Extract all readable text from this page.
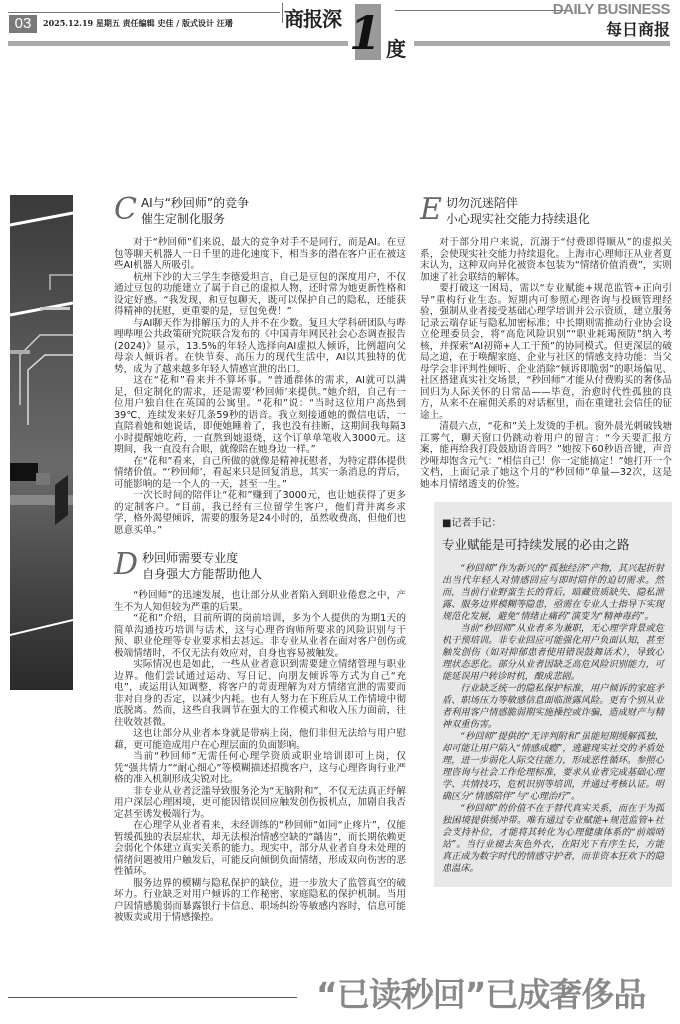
03	2025.12.19 星期五 责任编辑 史佳 / 版式设计 汪璠	商报深 1 度
DAILY BUSINESS
每日商报
C AI与“秒回师”的竞争
催生定制化服务

对于“秒回师”们来说，最大的竞争对手不是同行，而是AI。在豆包等聊天机器人一日千里的进化速度下，相当多的潜在客户正在被这些AI机器人所吸引。

杭州下沙的大三学生李德爱坦言，自己是豆包的深度用户，不仅通过豆包的功能建立了属于自己的虚拟人物，还时常为她更新性格和设定好感。“我发现，和豆包聊天，既可以保护自己的隐私，还能获得精神的抚慰，更重要的是，豆包免费！”

与AI聊天作为排解压力的人并不在少数。复旦大学科研团队与哔哩哔哩公共政策研究院联合发布的《中国青年网民社会心态调查报告(2024)》显示，13.5%的年轻人选择向AI虚拟人倾诉，比例超向父母亲人倾诉者。在快节奏、高压力的现代生活中，AI以其独特的优势，成为了越来越多年轻人情感宣泄的出口。

这在“花和”看来并不算坏事。“普通群体的需求，AI就可以满足，但定制化的需求，还是需要‘秒回师’来提供。”她介绍，自己有一位用户独自住在英国的公寓里。“花和”说：“当时这位用户高热到39℃，连续发来好几条59秒的语音。我立刻接通她的微信电话，一直陪着她和她说话，即便她睡着了，我也没有挂断，这期间我每隔3小时提醒她吃药，一直熬到她退烧，这个订单单笔收入3000元。这期间，我一直没有合眼，就像陪在她身边一样。”

在“花和”看来，自己所做的就像是精神抚慰者，为特定群体提供情绪价值。“‘秒回师’，看起来只是回复消息，其实一条消息的背后，可能影响的是一个人的一天，甚至一生。”

一次长时间的陪伴让“花和”赚到了3000元，也让她获得了更多的定制客户。“目前，我已经有三位留学生客户，他们背井离乡求学，格外渴望倾诉，需要的服务是24小时的，虽然收费高，但他们也愿意买单。”

D 秒回师需要专业度
自身强大方能帮助他人

“秒回师”的迅速发展，也让部分从业者陷入到职业倦怠之中，产生不为人知但较为严重的后果。

“花和”介绍，目前所谓的岗前培训，多为个人提供的为期1天的简单沟通技巧培训与话术，这与心理咨询师所要求的风险识别与干预、职业伦理等专业要求相去甚远。非专业从业者在面对客户创伤或极端情绪时，不仅无法有效应对，自身也容易被触发。

实际情况也是如此，一些从业者意识到需要建立情绪管理与职业边界。他们尝试通过运动、写日记、向朋友倾诉等方式为自己“充电”，或运用认知调整，将客户的苛责理解为对方情绪宣泄的需要而非对自身的否定，以减少内耗。也有人努力在下班后从工作情境中彻底脱离。然而，这些自我调节在强大的工作模式和收入压力面前，往往收效甚微。

这也让部分从业者本身就是带病上岗，他们非但无法给与用户慰藉，更可能造成用户在心理层面的负面影响。

当前“秒回师”无需任何心理学资质或职业培训即可上岗，仅凭“强共情力”“耐心细心”等模糊描述招揽客户，这与心理咨询行业严格的准入机制形成尖锐对比。

非专业从业者泛滥导致服务沦为“无脑附和”，不仅无法真正纾解用户深层心理困境，更可能因错误回应触发创伤扳机点，加剧自我否定甚至诱发极端行为。

在心理学从业者看来，未经训练的“秒回师”如同“止疼片”，仅能暂缓孤独的表层症状，却无法根治情感空缺的“龋齿”，而长期依赖更会弱化个体建立真实关系的能力。现实中，部分从业者自身未处理的情绪问题被用户触发后，可能反向倾倒负面情绪，形成双向伤害的恶性循环。

服务边界的模糊与隐私保护的缺位，进一步放大了监管真空的破坏力。行业缺乏对用户倾诉的工作秘密、家庭隐私的保护机制。当用户因情感脆弱而暴露银行卡信息、职场纠纷等敏感内容时，信息可能被贩卖或用于情感操控。

E 切勿沉迷陪伴
小心现实社交能力持续退化

对于部分用户来说，沉溺于“付费即得顺从”的虚拟关系，会使现实社交能力持续退化。上海市心理师汪从业者夏末认为，这种双向异化被资本包装为“情绪价值消费”，实则加速了社会联结的解体。

要打破这一困局，需以“专业赋能+规范监管+正向引导”重构行业生态。短期内可参照心理咨询与投顾管理经验，强制从业者接受基础心理学培训并公示资质，建立服务记录云端存证与隐私加密标准；中长期则需推动行业协会设立伦理委员会，将“高危风险识别”“职业耗竭预防”纳入考核，并探索“AI初筛+人工干预”的协同模式。但更深层的破局之道，在于唤醒家庭、企业与社区的情感支持功能：当父母学会非评判性倾听、企业消除“倾诉即脆弱”的职场偏见、社区搭建真实社交场景，“秒回师”才能从付费购买的奢侈品回归为人际关怀的日常品——毕竟，治愈时代性孤独的良方，从来不在雇佣关系的对话框里，而在重建社会信任的征途上。

清晨六点，“花和”关上发烫的手机。窗外晨光刺破钱塘江雾气，聊天窗口仍跳动着用户的留言：“今天要汇报方案，能再给我打段鼓励语音吗？”她按下60秒语音键，声音沙哑却饱含元气：“相信自己！你一定能搞定！”她打开一个文档，上面记录了她这个月的“秒回师”单量—32次，这是她本月情绪透支的价签。

■记者手记：
专业赋能是可持续发展的必由之路

“秒回师”作为新兴的“孤独经济”产物，其兴起折射出当代年轻人对情感回应与即时陪伴的迫切需求。然而，当前行业野蛮生长的背后，暗藏资质缺失、隐私泄露、服务边界模糊等隐患，亟需在专业人士指导下实现规范化发展，避免“情绪止痛药”演变为“精神毒药”。

当前“秒回师”从业者多为兼职，无心理学背景或危机干预培训。非专业回应可能强化用户负面认知，甚至触发创伤（如对抑郁患者使用错误鼓舞话术），导致心理状态恶化。部分从业者因缺乏高危风险识别能力，可能延误用户转诊时机，酿成悲剧。

行业缺乏统一的隐私保护标准，用户倾诉的家庭矛盾、职场压力等敏感信息面临泄露风险。更有个别从业者利用客户情感脆弱期实施操控或诈骗，造成财产与精神双重伤害。

“秒回师”提供的“无评判附和”虽能短期缓解孤独，却可能让用户陷入“情感成瘾”，逃避现实社交的矛盾处理，进一步弱化人际交往能力，形成恶性循环。参照心理咨询与社会工作伦理标准，要求从业者完成基础心理学、共情技巧、危机识别等培训，并通过考核认证。明确区分“情感陪伴”与“心理治疗”。

“秒回师”的价值不在于替代真实关系，而在于为孤独困境提供缓冲带。唯有通过专业赋能+规范监管+社会支持补位，才能将其转化为心理健康体系的“前端哨站”。当行业褪去灰色外衣，在阳光下有序生长，方能真正成为数字时代的情感守护者，而非资本狂欢下的隐患温床。

“已读秒回”已成奢侈品
